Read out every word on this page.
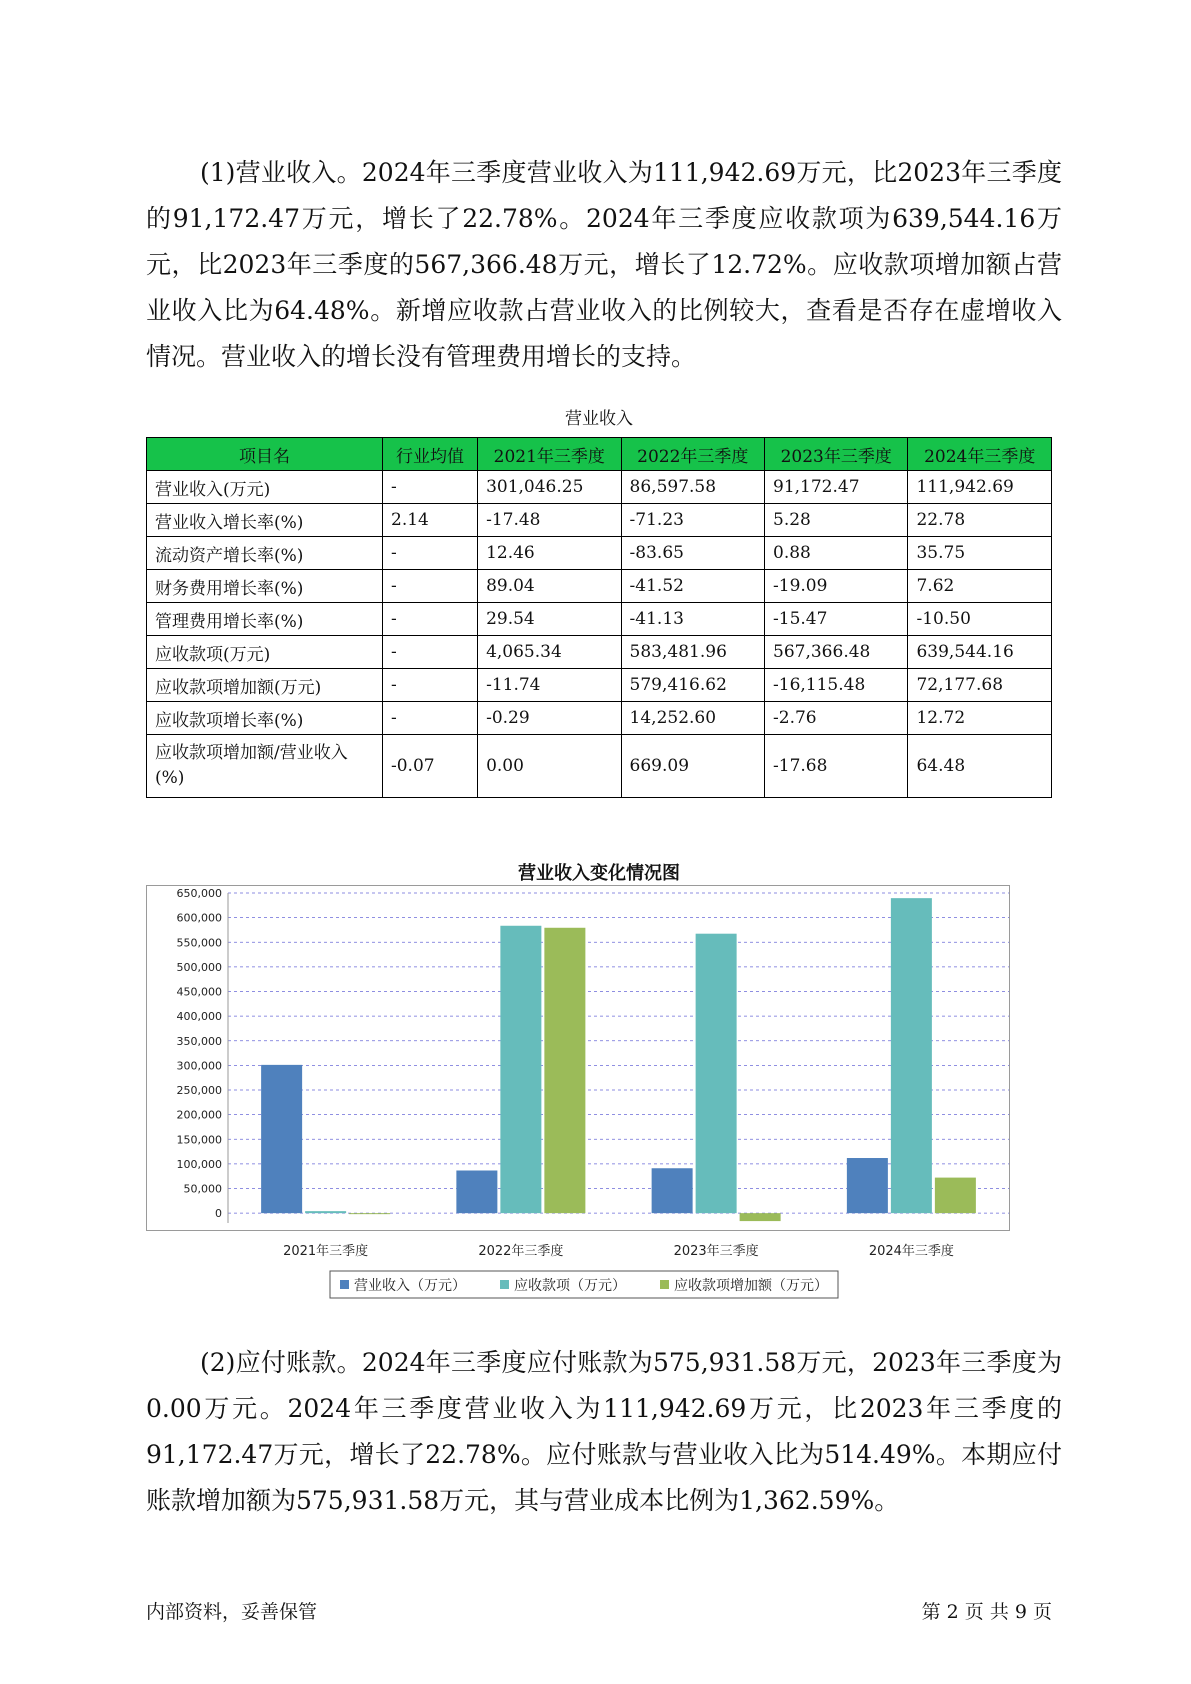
(1)营业收入。2024年三季度营业收入为111,942.69万元，比2023年三季度的91,172.47万元，增长了22.78%。2024年三季度应收款项为639,544.16万元，比2023年三季度的567,366.48万元，增长了12.72%。应收款项增加额占营业收入比为64.48%。新增应收款占营业收入的比例较大，查看是否存在虚增收入情况。营业收入的增长没有管理费用增长的支持。

营业收入
项目名	行业均值	2021年三季度	2022年三季度	2023年三季度	2024年三季度
营业收入(万元)	-	301,046.25	86,597.58	91,172.47	111,942.69
营业收入增长率(%)	2.14	-17.48	-71.23	5.28	22.78
流动资产增长率(%)	-	12.46	-83.65	0.88	35.75
财务费用增长率(%)	-	89.04	-41.52	-19.09	7.62
管理费用增长率(%)	-	29.54	-41.13	-15.47	-10.50
应收款项(万元)	-	4,065.34	583,481.96	567,366.48	639,544.16
应收款项增加额(万元)	-	-11.74	579,416.62	-16,115.48	72,177.68
应收款项增长率(%)	-	-0.29	14,252.60	-2.76	12.72
应收款项增加额/营业收入(%)	-0.07	0.00	669.09	-17.68	64.48
营业收入变化情况图
0
50,000
100,000
150,000
200,000
250,000
300,000
350,000
400,000
450,000
500,000
550,000
600,000
650,000
2021年三季度	2022年三季度	2023年三季度	2024年三季度
营业收入（万元）	应收款项（万元）	应收款项增加额（万元）

(2)应付账款。2024年三季度应付账款为575,931.58万元，2023年三季度为0.00万元。2024年三季度营业收入为111,942.69万元，比2023年三季度的91,172.47万元，增长了22.78%。应付账款与营业收入比为514.49%。本期应付账款增加额为575,931.58万元，其与营业成本比例为1,362.59%。

内部资料，妥善保管	第 2 页 共 9 页
